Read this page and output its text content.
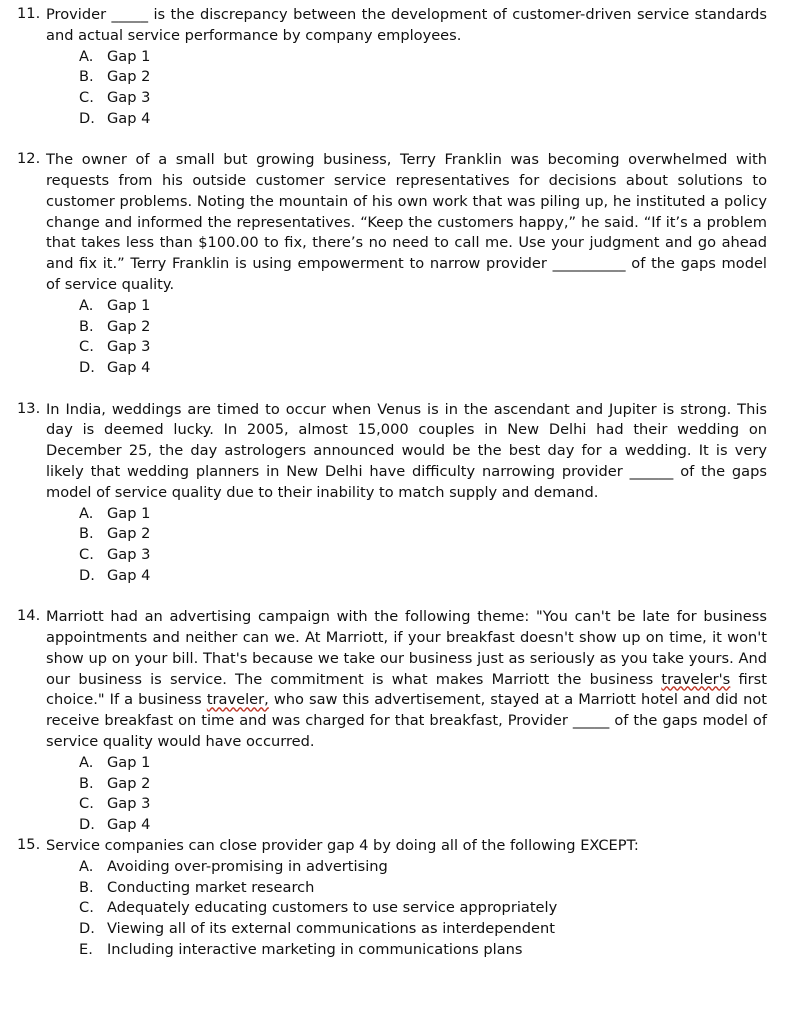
11. Provider _____ is the discrepancy between the development of customer-driven service standards and actual service performance by company employees.
A. Gap 1
B. Gap 2
C. Gap 3
D. Gap 4
12. The owner of a small but growing business, Terry Franklin was becoming overwhelmed with requests from his outside customer service representatives for decisions about solutions to customer problems. Noting the mountain of his own work that was piling up, he instituted a policy change and informed the representatives. “Keep the customers happy,” he said. “If it’s a problem that takes less than $100.00 to fix, there’s no need to call me. Use your judgment and go ahead and fix it.” Terry Franklin is using empowerment to narrow provider __________ of the gaps model of service quality.
A. Gap 1
B. Gap 2
C. Gap 3
D. Gap 4
13. In India, weddings are timed to occur when Venus is in the ascendant and Jupiter is strong. This day is deemed lucky. In 2005, almost 15,000 couples in New Delhi had their wedding on December 25, the day astrologers announced would be the best day for a wedding. It is very likely that wedding planners in New Delhi have difficulty narrowing provider ______ of the gaps model of service quality due to their inability to match supply and demand.
A. Gap 1
B. Gap 2
C. Gap 3
D. Gap 4
14. Marriott had an advertising campaign with the following theme: "You can't be late for business appointments and neither can we. At Marriott, if your breakfast doesn't show up on time, it won't show up on your bill. That's because we take our business just as seriously as you take yours. And our business is service. The commitment is what makes Marriott the business traveler's first choice." If a business traveler, who saw this advertisement, stayed at a Marriott hotel and did not receive breakfast on time and was charged for that breakfast, Provider _____ of the gaps model of service quality would have occurred.
A. Gap 1
B. Gap 2
C. Gap 3
D. Gap 4
15. Service companies can close provider gap 4 by doing all of the following EXCEPT:
A. Avoiding over-promising in advertising
B. Conducting market research
C. Adequately educating customers to use service appropriately
D. Viewing all of its external communications as interdependent
E. Including interactive marketing in communications plans
